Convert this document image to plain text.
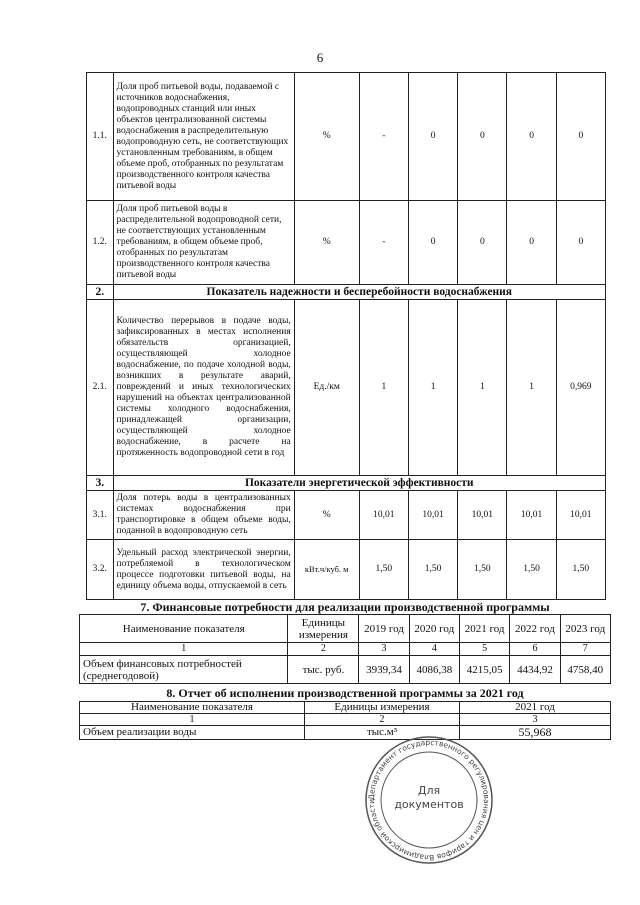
6
1.1.	Доля проб питьевой воды, подаваемой с источников водоснабжения, водопроводных станций или иных объектов централизованной системы водоснабжения в распределительную водопроводную сеть, не соответствующих установленным требованиям, в общем объеме проб, отобранных по результатам производственного контроля качества питьевой воды	%	-	0	0	0	0
1.2.	Доля проб питьевой воды в распределительной водопроводной сети, не соответствующих установленным требованиям, в общем объеме проб, отобранных по результатам производственного контроля качества питьевой воды	%	-	0	0	0	0
2.	Показатель надежности и бесперебойности водоснабжения						
2.1.	Количество перерывов в подаче воды, зафиксированных в местах исполнения обязательств организацией, осуществляющей холодное водоснабжение, по подаче холодной воды, возникших в результате аварий, повреждений и иных технологических нарушений на объектах централизованной системы холодного водоснабжения, принадлежащей организации, осуществляющей холодное водоснабжение, в расчете на протяженность водопроводной сети в год	Ед./км	1	1	1	1	0,969
3.	Показатели энергетической эффективности						
3.1.	Доля потерь воды в централизованных системах водоснабжения при транспортировке в общем объеме воды, поданной в водопроводную сеть	%	10,01	10,01	10,01	10,01	10,01
3.2.	Удельный расход электрической энергии, потребляемой в технологическом процессе подготовки питьевой воды, на единицу объема воды, отпускаемой в сеть	кВт.ч/куб. м	1,50	1,50	1,50	1,50	1,50
7. Финансовые потребности для реализации производственной программы
Наименование показателя	Единицы измерения	2019 год	2020 год	2021 год	2022 год	2023 год
1	2	3	4	5	6	7
Объем финансовых потребностей (среднегодовой)	тыс. руб.	3939,34	4086,38	4215,05	4434,92	4758,40
8. Отчет об исполнении производственной программы за 2021 год
Наименование показателя	Единицы измерения	2021 год
1	2	3
Объем реализации воды	тыс.м³	55,968
Департамент государственного регулирования цен и тарифов Владимирской области
Для
документов
